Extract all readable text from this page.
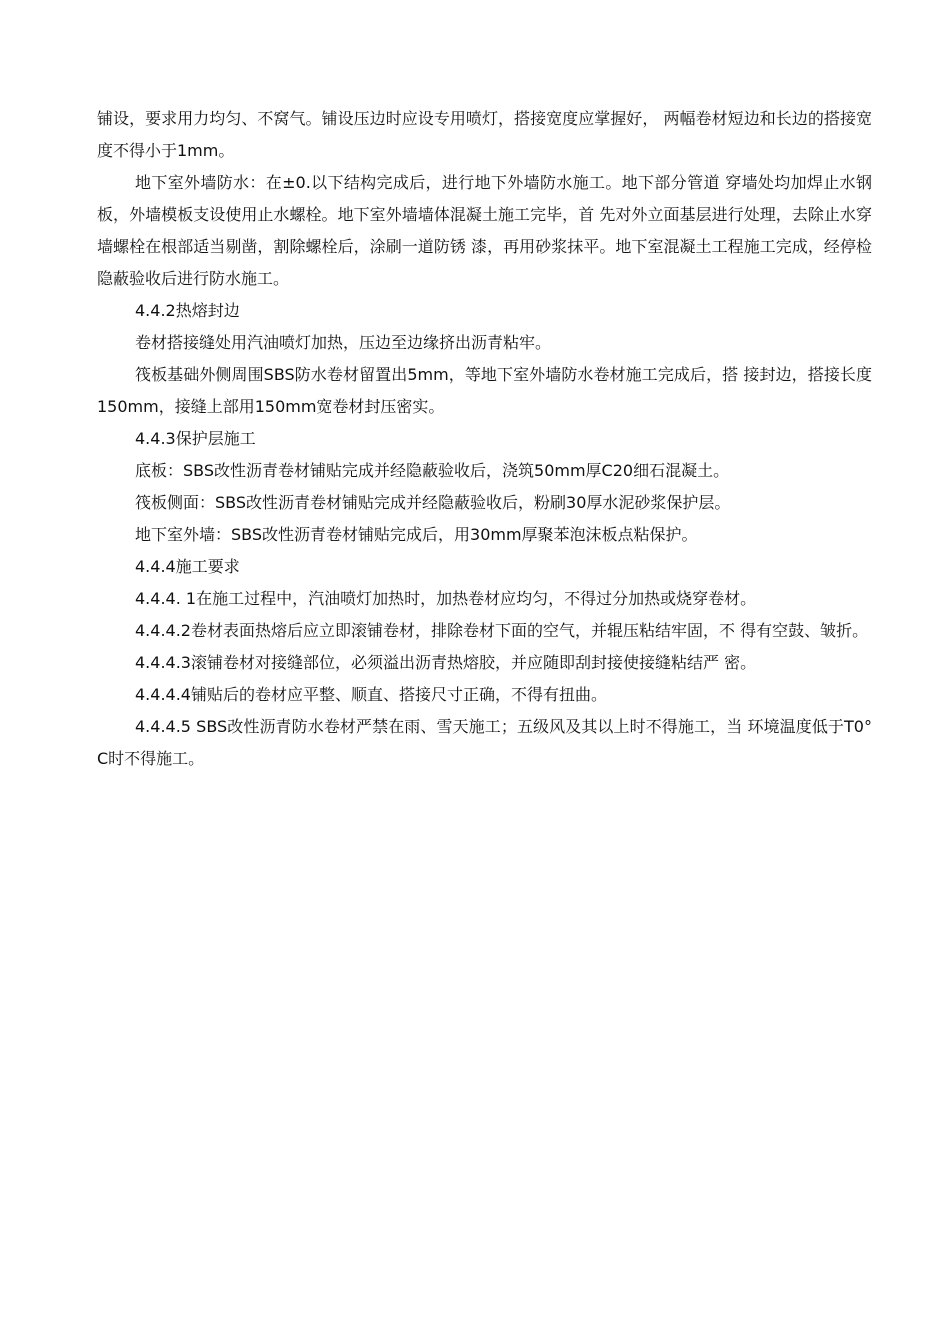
铺设，要求用力均匀、不窝气。铺设压边时应设专用喷灯，搭接宽度应掌握好， 两幅卷材短边和长边的搭接宽度不得小于1mm。

地下室外墙防水：在±0.以下结构完成后，进行地下外墙防水施工。地下部分管道 穿墙处均加焊止水钢板，外墙模板支设使用止水螺栓。地下室外墙墙体混凝土施工完毕，首 先对外立面基层进行处理，去除止水穿墙螺栓在根部适当剔凿，割除螺栓后，涂刷一道防锈 漆，再用砂浆抹平。地下室混凝土工程施工完成，经停检隐蔽验收后进行防水施工。

4.4.2热熔封边

卷材搭接缝处用汽油喷灯加热，压边至边缘挤出沥青粘牢。

筏板基础外侧周围SBS防水卷材留置出5mm，等地下室外墙防水卷材施工完成后，搭 接封边，搭接长度150mm，接缝上部用150mm宽卷材封压密实。

4.4.3保护层施工

底板：SBS改性沥青卷材铺贴完成并经隐蔽验收后，浇筑50mm厚C20细石混凝土。

筏板侧面：SBS改性沥青卷材铺贴完成并经隐蔽验收后，粉刷30厚水泥砂浆保护层。

地下室外墙：SBS改性沥青卷材铺贴完成后，用30mm厚聚苯泡沫板点粘保护。

4.4.4施工要求

4.4.4. 1在施工过程中，汽油喷灯加热时，加热卷材应均匀，不得过分加热或烧穿卷材。

4.4.4.2卷材表面热熔后应立即滚铺卷材，排除卷材下面的空气，并辊压粘结牢固，不 得有空鼓、皱折。

4.4.4.3滚铺卷材对接缝部位，必须溢出沥青热熔胶，并应随即刮封接使接缝粘结严 密。

4.4.4.4铺贴后的卷材应平整、顺直、搭接尺寸正确，不得有扭曲。

4.4.4.5 SBS改性沥青防水卷材严禁在雨、雪天施工；五级风及其以上时不得施工，当 环境温度低于T0° C时不得施工。
